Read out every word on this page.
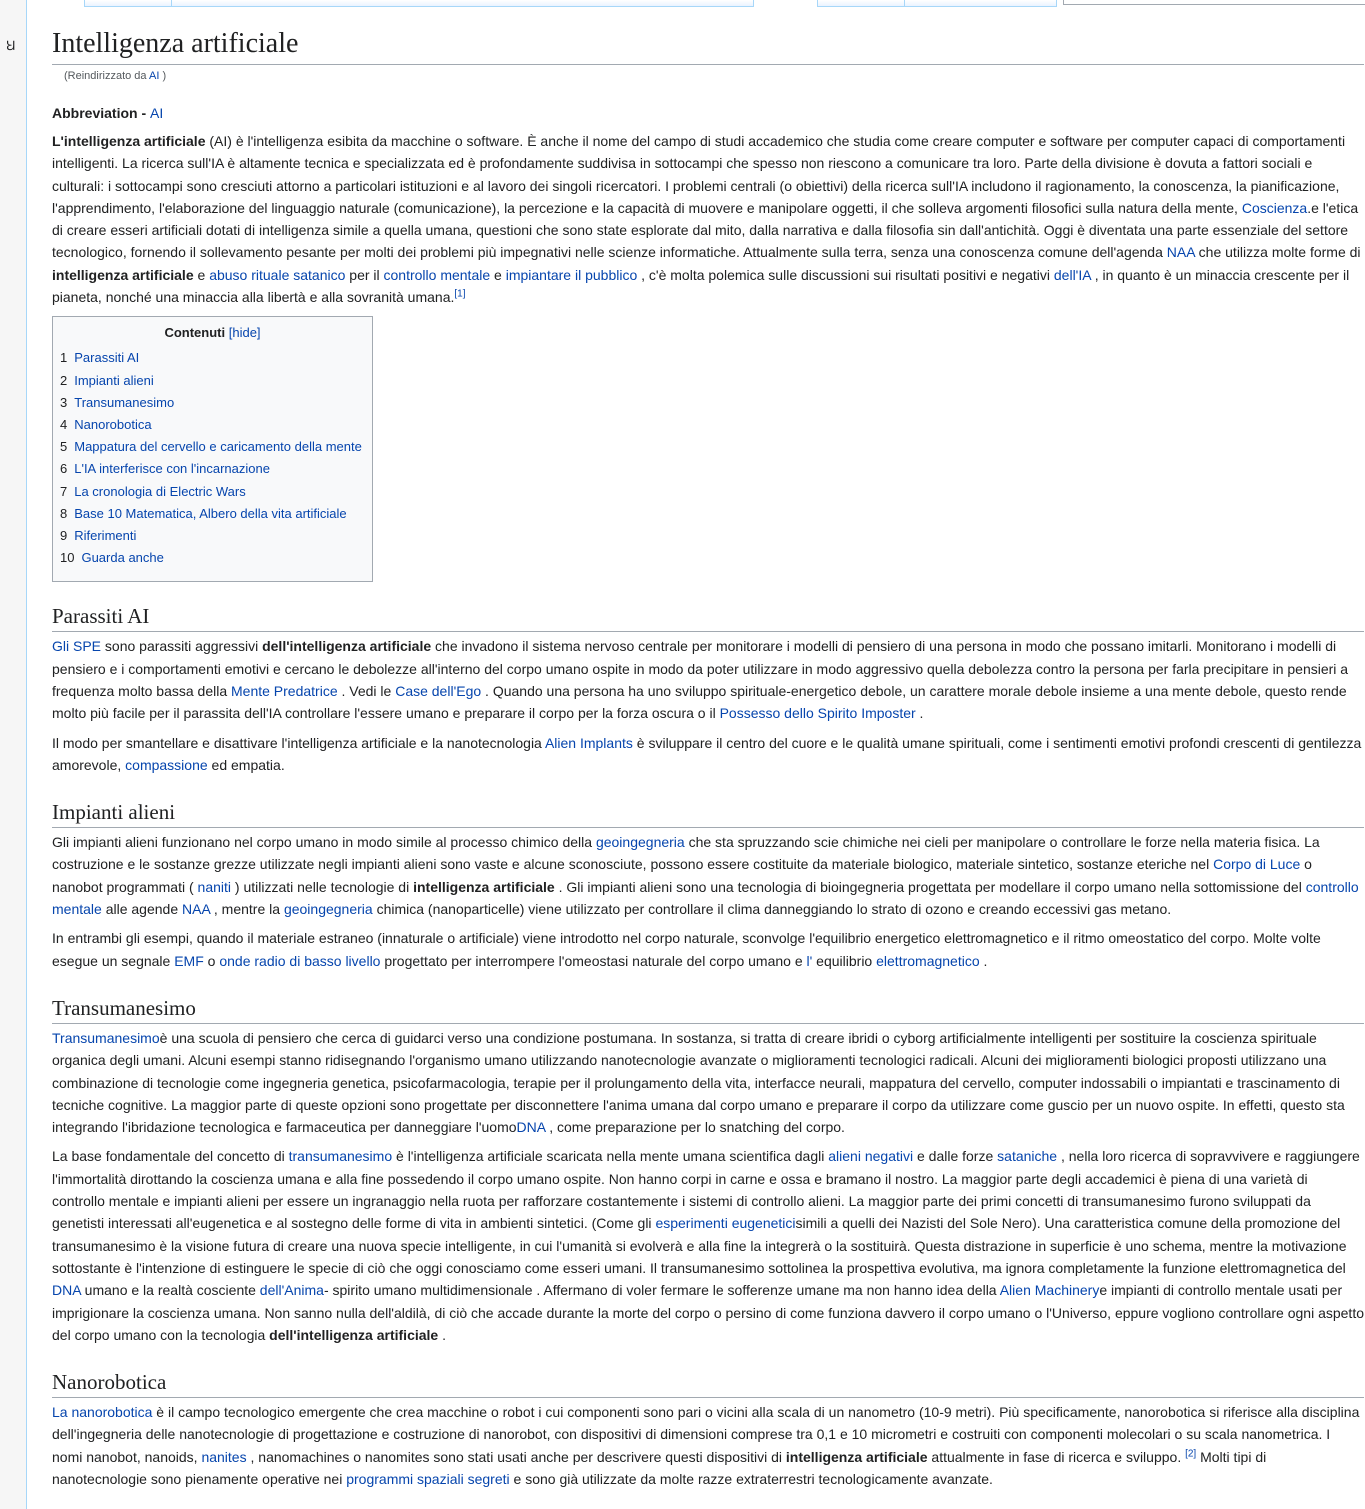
Ꞟ Intelligenza artificiale
(Reindirizzato da AI )
Abbreviation - AI

L'intelligenza artificiale (AI) è l'intelligenza esibita da macchine o software. È anche il nome del campo di studi accademico che studia come creare computer e software per computer capaci di comportamenti intelligenti. La ricerca sull'IA è altamente tecnica e specializzata ed è profondamente suddivisa in sottocampi che spesso non riescono a comunicare tra loro. Parte della divisione è dovuta a fattori sociali e culturali: i sottocampi sono cresciuti attorno a particolari istituzioni e al lavoro dei singoli ricercatori. I problemi centrali (o obiettivi) della ricerca sull'IA includono il ragionamento, la conoscenza, la pianificazione, l'apprendimento, l'elaborazione del linguaggio naturale (comunicazione), la percezione e la capacità di muovere e manipolare oggetti, il che solleva argomenti filosofici sulla natura della mente, Coscienza.e l'etica di creare esseri artificiali dotati di intelligenza simile a quella umana, questioni che sono state esplorate dal mito, dalla narrativa e dalla filosofia sin dall'antichità. Oggi è diventata una parte essenziale del settore tecnologico, fornendo il sollevamento pesante per molti dei problemi più impegnativi nelle scienze informatiche. Attualmente sulla terra, senza una conoscenza comune dell'agenda NAA che utilizza molte forme di intelligenza artificiale e abuso rituale satanico per il controllo mentale e impiantare il pubblico , c'è molta polemica sulle discussioni sui risultati positivi e negativi dell'IA , in quanto è un minaccia crescente per il pianeta, nonché una minaccia alla libertà e alla sovranità umana.[1]

Contenuti [hide]
1 Parassiti AI
2 Impianti alieni
3 Transumanesimo
4 Nanorobotica
5 Mappatura del cervello e caricamento della mente
6 L'IA interferisce con l'incarnazione
7 La cronologia di Electric Wars
8 Base 10 Matematica, Albero della vita artificiale
9 Riferimenti
10 Guarda anche
Parassiti AI

Gli SPE sono parassiti aggressivi dell'intelligenza artificiale che invadono il sistema nervoso centrale per monitorare i modelli di pensiero di una persona in modo che possano imitarli. Monitorano i modelli di pensiero e i comportamenti emotivi e cercano le debolezze all'interno del corpo umano ospite in modo da poter utilizzare in modo aggressivo quella debolezza contro la persona per farla precipitare in pensieri a frequenza molto bassa della Mente Predatrice . Vedi le Case dell'Ego . Quando una persona ha uno sviluppo spirituale-energetico debole, un carattere morale debole insieme a una mente debole, questo rende molto più facile per il parassita dell'IA controllare l'essere umano e preparare il corpo per la forza oscura o il Possesso dello Spirito Imposter .

Il modo per smantellare e disattivare l'intelligenza artificiale e la nanotecnologia Alien Implants è sviluppare il centro del cuore e le qualità umane spirituali, come i sentimenti emotivi profondi crescenti di gentilezza amorevole, compassione ed empatia.

Impianti alieni

Gli impianti alieni funzionano nel corpo umano in modo simile al processo chimico della geoingegneria che sta spruzzando scie chimiche nei cieli per manipolare o controllare le forze nella materia fisica. La costruzione e le sostanze grezze utilizzate negli impianti alieni sono vaste e alcune sconosciute, possono essere costituite da materiale biologico, materiale sintetico, sostanze eteriche nel Corpo di Luce o nanobot programmati ( naniti ) utilizzati nelle tecnologie di intelligenza artificiale . Gli impianti alieni sono una tecnologia di bioingegneria progettata per modellare il corpo umano nella sottomissione del controllo mentale alle agende NAA , mentre la geoingegneria chimica (nanoparticelle) viene utilizzato per controllare il clima danneggiando lo strato di ozono e creando eccessivi gas metano.

In entrambi gli esempi, quando il materiale estraneo (innaturale o artificiale) viene introdotto nel corpo naturale, sconvolge l'equilibrio energetico elettromagnetico e il ritmo omeostatico del corpo. Molte volte esegue un segnale EMF o onde radio di basso livello progettato per interrompere l'omeostasi naturale del corpo umano e l' equilibrio elettromagnetico .

Transumanesimo

Transumanesimoè una scuola di pensiero che cerca di guidarci verso una condizione postumana. In sostanza, si tratta di creare ibridi o cyborg artificialmente intelligenti per sostituire la coscienza spirituale organica degli umani. Alcuni esempi stanno ridisegnando l'organismo umano utilizzando nanotecnologie avanzate o miglioramenti tecnologici radicali. Alcuni dei miglioramenti biologici proposti utilizzano una combinazione di tecnologie come ingegneria genetica, psicofarmacologia, terapie per il prolungamento della vita, interfacce neurali, mappatura del cervello, computer indossabili o impiantati e trascinamento di tecniche cognitive. La maggior parte di queste opzioni sono progettate per disconnettere l'anima umana dal corpo umano e preparare il corpo da utilizzare come guscio per un nuovo ospite. In effetti, questo sta integrando l'ibridazione tecnologica e farmaceutica per danneggiare l'uomoDNA , come preparazione per lo snatching del corpo.

La base fondamentale del concetto di transumanesimo è l'intelligenza artificiale scaricata nella mente umana scientifica dagli alieni negativi e dalle forze sataniche , nella loro ricerca di sopravvivere e raggiungere l'immortalità dirottando la coscienza umana e alla fine possedendo il corpo umano ospite. Non hanno corpi in carne e ossa e bramano il nostro. La maggior parte degli accademici è piena di una varietà di controllo mentale e impianti alieni per essere un ingranaggio nella ruota per rafforzare costantemente i sistemi di controllo alieni. La maggior parte dei primi concetti di transumanesimo furono sviluppati da genetisti interessati all'eugenetica e al sostegno delle forme di vita in ambienti sintetici. (Come gli esperimenti eugeneticisimili a quelli dei Nazisti del Sole Nero). Una caratteristica comune della promozione del transumanesimo è la visione futura di creare una nuova specie intelligente, in cui l'umanità si evolverà e alla fine la integrerà o la sostituirà. Questa distrazione in superficie è uno schema, mentre la motivazione sottostante è l'intenzione di estinguere le specie di ciò che oggi conosciamo come esseri umani. Il transumanesimo sottolinea la prospettiva evolutiva, ma ignora completamente la funzione elettromagnetica del DNA umano e la realtà cosciente dell'Anima- spirito umano multidimensionale . Affermano di voler fermare le sofferenze umane ma non hanno idea della Alien Machinerye impianti di controllo mentale usati per imprigionare la coscienza umana. Non sanno nulla dell'aldilà, di ciò che accade durante la morte del corpo o persino di come funziona davvero il corpo umano o l'Universo, eppure vogliono controllare ogni aspetto del corpo umano con la tecnologia dell'intelligenza artificiale .

Nanorobotica

La nanorobotica è il campo tecnologico emergente che crea macchine o robot i cui componenti sono pari o vicini alla scala di un nanometro (10-9 metri). Più specificamente, nanorobotica si riferisce alla disciplina dell'ingegneria delle nanotecnologie di progettazione e costruzione di nanorobot, con dispositivi di dimensioni comprese tra 0,1 e 10 micrometri e costruiti con componenti molecolari o su scala nanometrica. I nomi nanobot, nanoids, nanites , nanomachines o nanomites sono stati usati anche per descrivere questi dispositivi di intelligenza artificiale attualmente in fase di ricerca e sviluppo. [2] Molti tipi di nanotecnologie sono pienamente operative nei programmi spaziali segreti e sono già utilizzate da molte razze extraterrestri tecnologicamente avanzate.
